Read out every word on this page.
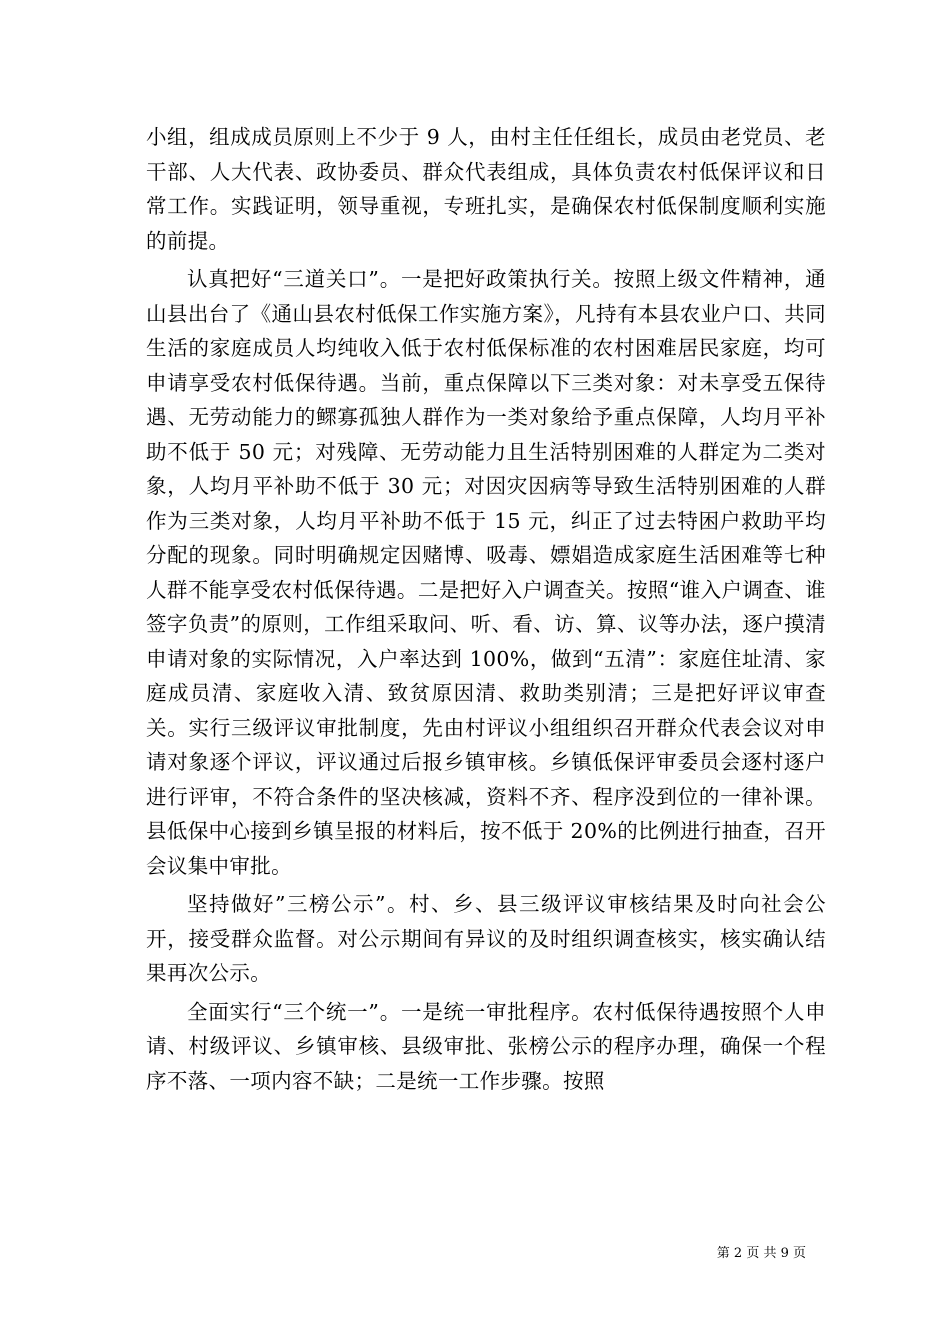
小组，组成成员原则上不少于 9 人，由村主任任组长，成员由老党员、老干部、人大代表、政协委员、群众代表组成，具体负责农村低保评议和日常工作。实践证明，领导重视，专班扎实，是确保农村低保制度顺利实施的前提。

认真把好“三道关口”。一是把好政策执行关。按照上级文件精神，通山县出台了《通山县农村低保工作实施方案》，凡持有本县农业户口、共同生活的家庭成员人均纯收入低于农村低保标准的农村困难居民家庭，均可申请享受农村低保待遇。当前，重点保障以下三类对象：对未享受五保待遇、无劳动能力的鳏寡孤独人群作为一类对象给予重点保障，人均月平补助不低于 50 元；对残障、无劳动能力且生活特别困难的人群定为二类对象，人均月平补助不低于 30 元；对因灾因病等导致生活特别困难的人群作为三类对象，人均月平补助不低于 15 元，纠正了过去特困户救助平均分配的现象。同时明确规定因赌博、吸毒、嫖娼造成家庭生活困难等七种人群不能享受农村低保待遇。二是把好入户调查关。按照“谁入户调查、谁签字负责”的原则，工作组采取问、听、看、访、算、议等办法，逐户摸清申请对象的实际情况，入户率达到 100%，做到“五清”：家庭住址清、家庭成员清、家庭收入清、致贫原因清、救助类别清；三是把好评议审查关。实行三级评议审批制度，先由村评议小组组织召开群众代表会议对申请对象逐个评议，评议通过后报乡镇审核。乡镇低保评审委员会逐村逐户进行评审，不符合条件的坚决核减，资料不齐、程序没到位的一律补课。县低保中心接到乡镇呈报的材料后，按不低于 20%的比例进行抽查，召开会议集中审批。

坚持做好”三榜公示”。村、乡、县三级评议审核结果及时向社会公开，接受群众监督。对公示期间有异议的及时组织调查核实，核实确认结果再次公示。

全面实行“三个统一”。一是统一审批程序。农村低保待遇按照个人申请、村级评议、乡镇审核、县级审批、张榜公示的程序办理，确保一个程序不落、一项内容不缺；二是统一工作步骤。按照

第 2 页 共 9 页
